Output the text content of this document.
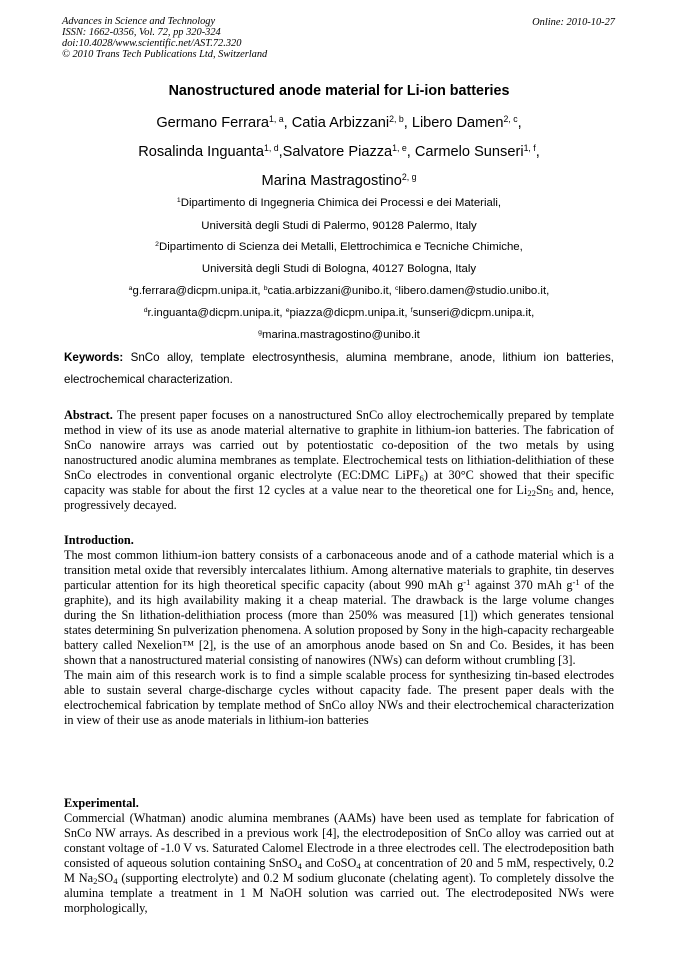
Advances in Science and Technology
ISSN: 1662-0356, Vol. 72, pp 320-324
doi:10.4028/www.scientific.net/AST.72.320
© 2010 Trans Tech Publications Ltd, Switzerland
Online: 2010-10-27
Nanostructured anode material for Li-ion batteries
Germano Ferrara$^{1, a}$, Catia Arbizzani$^{2, b}$, Libero Damen$^{2, c}$,
Rosalinda Inguanta$^{1, d}$,Salvatore Piazza$^{1, e}$, Carmelo Sunseri$^{1, f}$,
Marina Mastragostino$^{2, g}$
$^1$Dipartimento di Ingegneria Chimica dei Processi e dei Materiali,
Università degli Studi di Palermo, 90128 Palermo, Italy
$^2$Dipartimento di Scienza dei Metalli, Elettrochimica e Tecniche Chimiche,
Università degli Studi di Bologna, 40127 Bologna, Italy
$^a$g.ferrara@dicpm.unipa.it, $^b$catia.arbizzani@unibo.it, $^c$libero.damen@studio.unibo.it,
$^d$r.inguanta@dicpm.unipa.it, $^e$piazza@dicpm.unipa.it, $^f$sunseri@dicpm.unipa.it,
$^g$marina.mastragostino@unibo.it
Keywords: SnCo alloy, template electrosynthesis, alumina membrane, anode, lithium ion batteries, electrochemical characterization.
Abstract. The present paper focuses on a nanostructured SnCo alloy electrochemically prepared by template method in view of its use as anode material alternative to graphite in lithium-ion batteries. The fabrication of SnCo nanowire arrays was carried out by potentiostatic co-deposition of the two metals by using nanostructured anodic alumina membranes as template. Electrochemical tests on lithiation-delithiation of these SnCo electrodes in conventional organic electrolyte (EC:DMC LiPF$_6$) at 30°C showed that their specific capacity was stable for about the first 12 cycles at a value near to the theoretical one for $Li_{22}Sn_5$ and, hence, progressively decayed.

Introduction.

The most common lithium-ion battery consists of a carbonaceous anode and of a cathode material which is a transition metal oxide that reversibly intercalates lithium. Among alternative materials to graphite, tin deserves particular attention for its high theoretical specific capacity (about 990 mAh $g^{-1}$ against 370 mAh $g^{-1}$ of the graphite), and its high availability making it a cheap material. The drawback is the large volume changes during the Sn lithation-delithiation process (more than 250% was measured [1]) which generates tensional states determining Sn pulverization phenomena. A solution proposed by Sony in the high-capacity rechargeable battery called Nexelion™ [2], is the use of an amorphous anode based on Sn and Co. Besides, it has been shown that a nanostructured material consisting of nanowires (NWs) can deform without crumbling [3].

The main aim of this research work is to find a simple scalable process for synthesizing tin-based electrodes able to sustain several charge-discharge cycles without capacity fade. The present paper deals with the electrochemical fabrication by template method of SnCo alloy NWs and their electrochemical characterization in view of their use as anode materials in lithium-ion batteries

Experimental.

Commercial (Whatman) anodic alumina membranes (AAMs) have been used as template for fabrication of SnCo NW arrays. As described in a previous work [4], the electrodeposition of SnCo alloy was carried out at constant voltage of -1.0 V vs. Saturated Calomel Electrode in a three electrodes cell. The electrodeposition bath consisted of aqueous solution containing SnSO$_4$ and CoSO$_4$ at concentration of 20 and 5 mM, respectively, 0.2 M $Na_2SO_4$ (supporting electrolyte) and 0.2 M sodium gluconate (chelating agent). To completely dissolve the alumina template a treatment in 1 M NaOH solution was carried out. The electrodeposited NWs were morphologically,
